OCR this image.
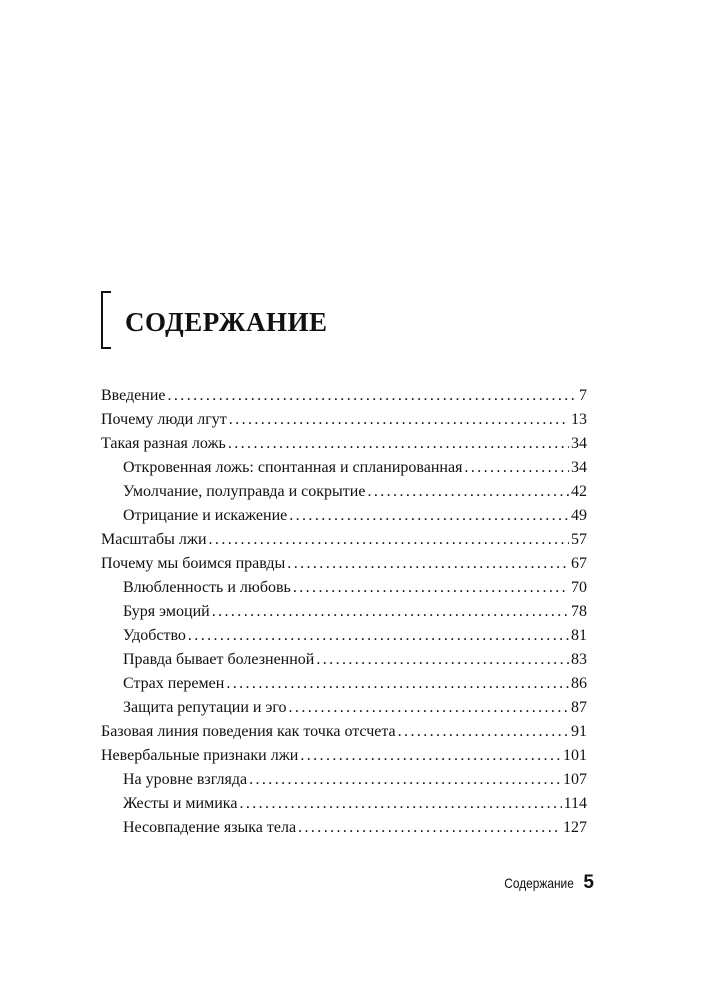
СОДЕРЖАНИЕ
Введение . . .	7
Почему люди лгут . . .	13
Такая разная ложь . . .	34
Откровенная ложь: спонтанная и спланированная . . .	34
Умолчание, полуправда и сокрытие . . .	42
Отрицание и искажение . . .	49
Масштабы лжи . . .	57
Почему мы боимся правды . . .	67
Влюбленность и любовь . . .	70
Буря эмоций . . .	78
Удобство . . .	81
Правда бывает болезненной . . .	83
Страх перемен . . .	86
Защита репутации и эго . . .	87
Базовая линия поведения как точка отсчета . . .	91
Невербальные признаки лжи . . .	101
На уровне взгляда . . .	107
Жесты и мимика . . .	114
Несовпадение языка тела . . .	127
Содержание 5
